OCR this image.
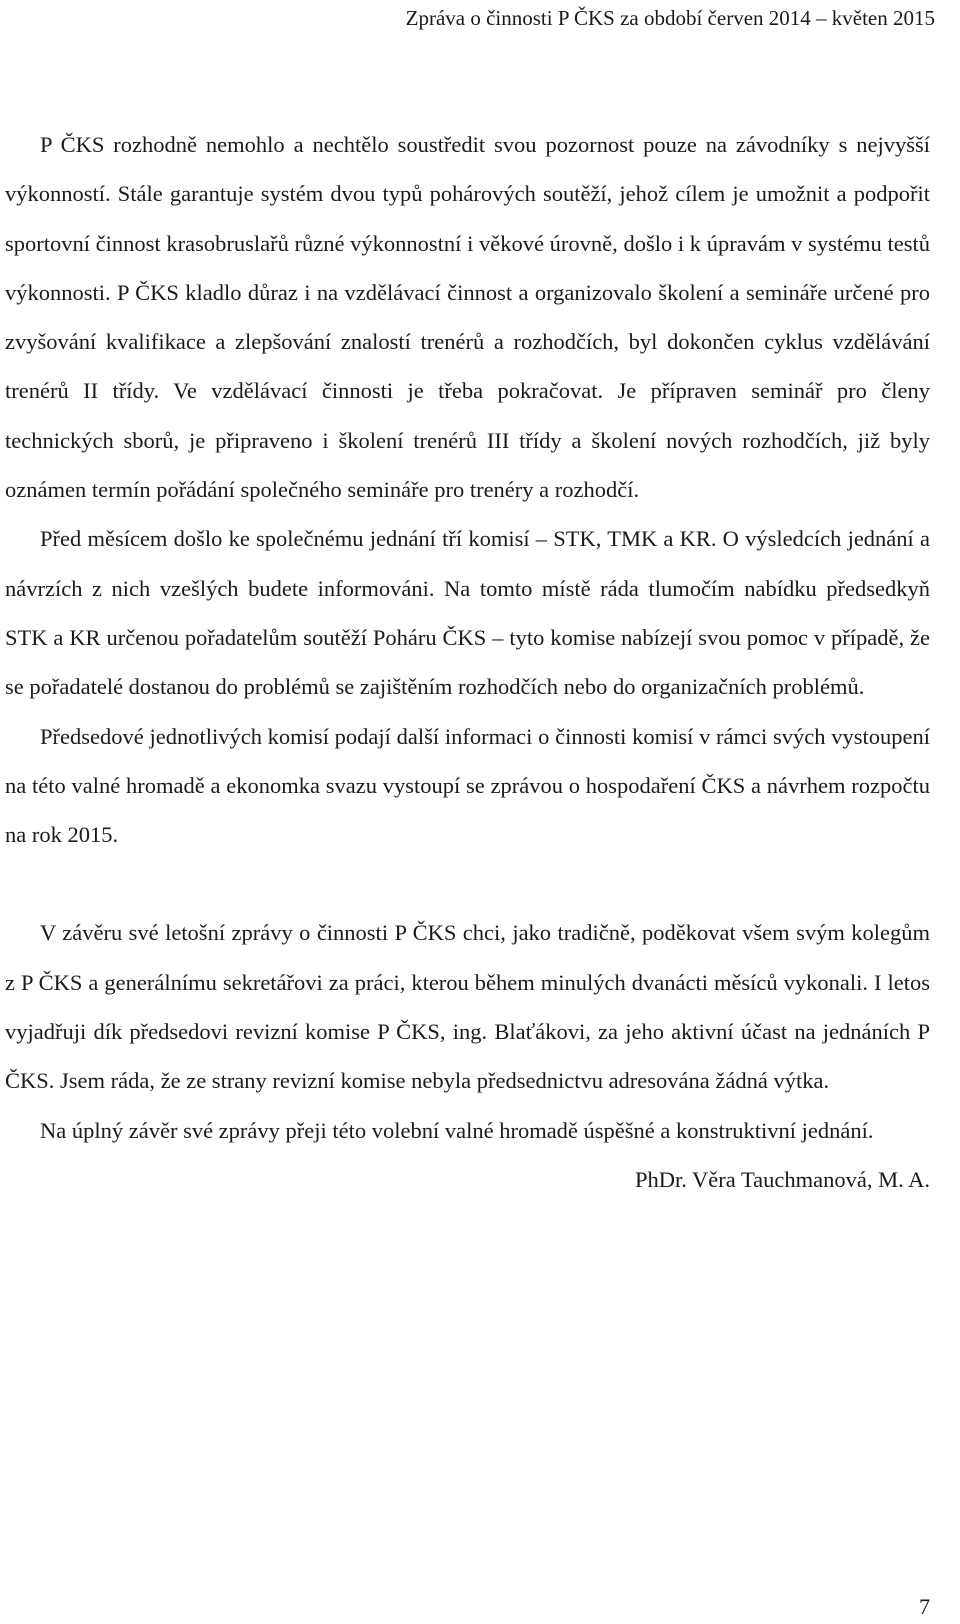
Zpráva o činnosti P ČKS za období červen 2014 – květen 2015

P ČKS rozhodně nemohlo a nechtělo soustředit svou pozornost pouze na závodníky s nejvyšší výkonností. Stále garantuje systém dvou typů pohárových soutěží, jehož cílem je umožnit a podpořit sportovní činnost krasobruslařů různé výkonnostní i věkové úrovně, došlo i k úpravám v systému testů výkonnosti. P ČKS kladlo důraz i na vzdělávací činnost a organizovalo školení a semináře určené pro zvyšování kvalifikace a zlepšování znalostí trenérů a rozhodčích, byl dokončen cyklus vzdělávání trenérů II třídy. Ve vzdělávací činnosti je třeba pokračovat. Je přípraven seminář pro členy technických sborů, je připraveno i školení trenérů III třídy a školení nových rozhodčích, již byly oznámen termín pořádání společného semináře pro trenéry a rozhodčí.

Před měsícem došlo ke společnému jednání tří komisí – STK, TMK a KR. O výsledcích jednání a návrzích z nich vzešlých budete informováni. Na tomto místě ráda tlumočím nabídku předsedkyň STK a KR určenou pořadatelům soutěží Poháru ČKS – tyto komise nabízejí svou pomoc v případě, že se pořadatelé dostanou do problémů se zajištěním rozhodčích nebo do organizačních problémů.

Předsedové jednotlivých komisí podají další informaci o činnosti komisí v rámci svých vystoupení na této valné hromadě a ekonomka svazu vystoupí se zprávou o hospodaření ČKS a návrhem rozpočtu na rok 2015.

V závěru své letošní zprávy o činnosti P ČKS chci, jako tradičně, poděkovat všem svým kolegům z P ČKS a generálnímu sekretářovi za práci, kterou během minulých dvanácti měsíců vykonali. I letos vyjadřuji dík předsedovi revizní komise P ČKS, ing. Blaťákovi, za jeho aktivní účast na jednáních P ČKS. Jsem ráda, že ze strany revizní komise nebyla předsednictvu adresována žádná výtka.

Na úplný závěr své zprávy přeji této volební valné hromadě úspěšné a konstruktivní jednání.

PhDr. Věra Tauchmanová, M. A.
7
